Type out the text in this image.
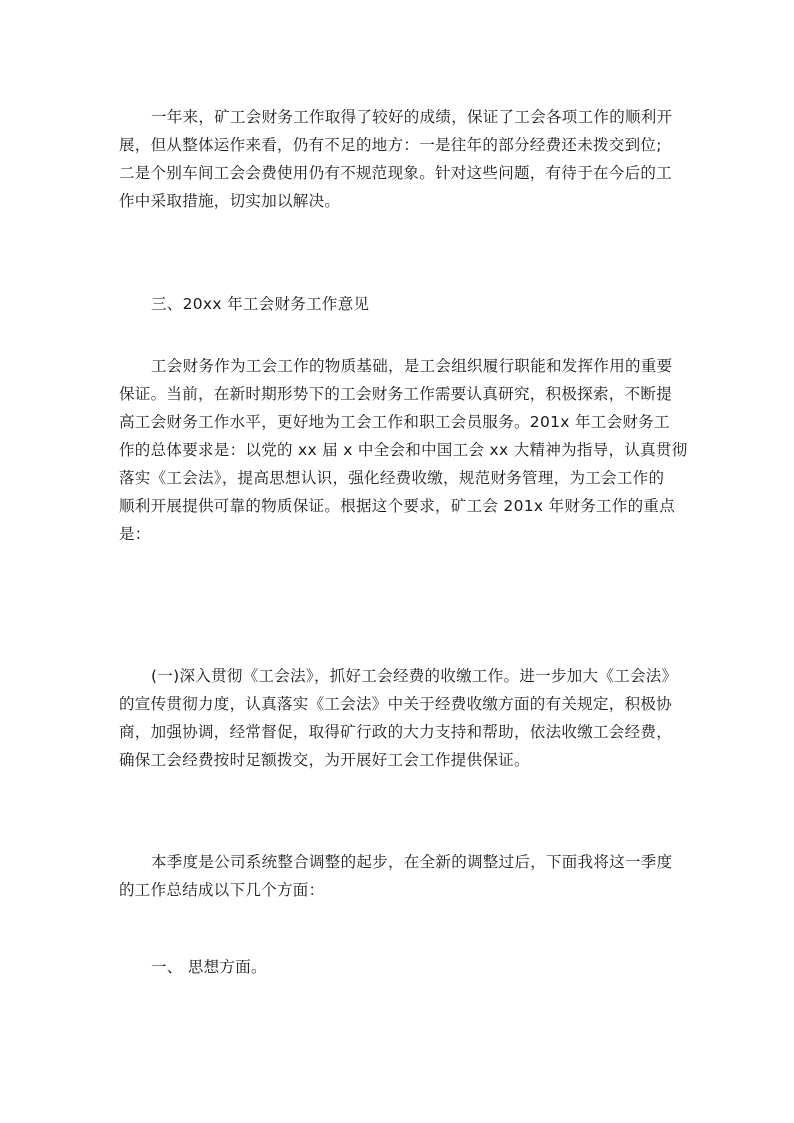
一年来，矿工会财务工作取得了较好的成绩，保证了工会各项工作的顺利开
展，但从整体运作来看，仍有不足的地方：一是往年的部分经费还未拨交到位;
二是个别车间工会会费使用仍有不规范现象。针对这些问题，有待于在今后的工
作中采取措施，切实加以解决。
三、20xx 年工会财务工作意见
工会财务作为工会工作的物质基础，是工会组织履行职能和发挥作用的重要
保证。当前，在新时期形势下的工会财务工作需要认真研究，积极探索，不断提
高工会财务工作水平，更好地为工会工作和职工会员服务。201x 年工会财务工
作的总体要求是：以党的 xx 届 x 中全会和中国工会 xx 大精神为指导，认真贯彻
落实《工会法》，提高思想认识，强化经费收缴，规范财务管理，为工会工作的
顺利开展提供可靠的物质保证。根据这个要求，矿工会 201x 年财务工作的重点
是：
(一)深入贯彻《工会法》，抓好工会经费的收缴工作。进一步加大《工会法》
的宣传贯彻力度，认真落实《工会法》中关于经费收缴方面的有关规定，积极协
商，加强协调，经常督促，取得矿行政的大力支持和帮助，依法收缴工会经费，
确保工会经费按时足额拨交，为开展好工会工作提供保证。
本季度是公司系统整合调整的起步，在全新的调整过后，下面我将这一季度
的工作总结成以下几个方面：
一、 思想方面。
